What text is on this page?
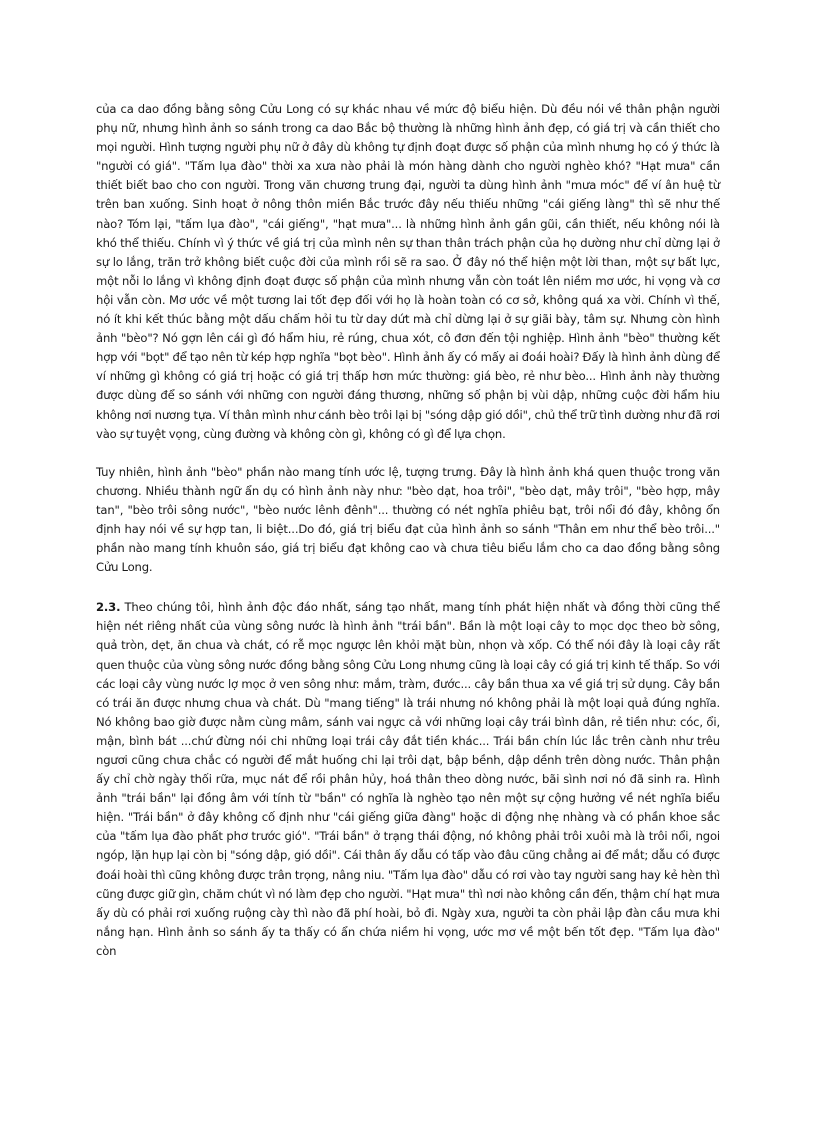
của ca dao đồng bằng sông Cửu Long có sự khác nhau về mức độ biểu hiện. Dù đều nói về thân phận người phụ nữ, nhưng hình ảnh so sánh trong ca dao Bắc bộ thường là những hình ảnh đẹp, có giá trị và cần thiết cho mọi người. Hình tượng người phụ nữ ở đây dù không tự định đoạt được số phận của mình nhưng họ có ý thức là "người có giá". "Tấm lụa đào" thời xa xưa nào phải là món hàng dành cho người nghèo khó? "Hạt mưa" cần thiết biết bao cho con người. Trong văn chương trung đại, người ta dùng hình ảnh "mưa móc" để ví ân huệ từ trên ban xuống. Sinh hoạt ở nông thôn miền Bắc trước đây nếu thiếu những "cái giếng làng" thì sẽ như thế nào? Tóm lại, "tấm lụa đào", "cái giếng", "hạt mưa"... là những hình ảnh gần gũi, cần thiết, nếu không nói là khó thể thiếu. Chính vì ý thức về giá trị của mình nên sự than thân trách phận của họ dường như chỉ dừng lại ở sự lo lắng, trăn trở không biết cuộc đời của mình rồi sẽ ra sao. Ở đây nó thể hiện một lời than, một sự bất lực, một nỗi lo lắng vì không định đoạt được số phận của mình nhưng vẫn còn toát lên niềm mơ ước, hi vọng và cơ hội vẫn còn. Mơ ước về một tương lai tốt đẹp đối với họ là hoàn toàn có cơ sở, không quá xa vời. Chính vì thế, nó ít khi kết thúc bằng một dấu chấm hỏi tu từ day dứt mà chỉ dừng lại ở sự giãi bày, tâm sự. Nhưng còn hình ảnh "bèo"? Nó gợn lên cái gì đó hẩm hiu, rẻ rúng, chua xót, cô đơn đến tội nghiệp. Hình ảnh "bèo" thường kết hợp với "bọt" để tạo nên từ kép hợp nghĩa "bọt bèo". Hình ảnh ấy có mấy ai đoái hoài? Đấy là hình ảnh dùng để ví những gì không có giá trị hoặc có giá trị thấp hơn mức thường: giá bèo, rẻ như bèo... Hình ảnh này thường được dùng để so sánh với những con người đáng thương, những số phận bị vùi dập, những cuộc đời hẩm hiu không nơi nương tựa. Ví thân mình như cánh bèo trôi lại bị "sóng dập gió dồi", chủ thể trữ tình dường như đã rơi vào sự tuyệt vọng, cùng đường và không còn gì, không có gì để lựa chọn.

Tuy nhiên, hình ảnh "bèo" phần nào mang tính ước lệ, tượng trưng. Đây là hình ảnh khá quen thuộc trong văn chương. Nhiều thành ngữ ẩn dụ có hình ảnh này như: "bèo dạt, hoa trôi", "bèo dạt, mây trôi", "bèo hợp, mây tan", "bèo trôi sông nước", "bèo nước lênh đênh"... thường có nét nghĩa phiêu bạt, trôi nổi đó đây, không ổn định hay nói về sự hợp tan, li biệt...Do đó, giá trị biểu đạt của hình ảnh so sánh "Thân em như thể bèo trôi..." phần nào mang tính khuôn sáo, giá trị biểu đạt không cao và chưa tiêu biểu lắm cho ca dao đồng bằng sông Cửu Long.

2.3. Theo chúng tôi, hình ảnh độc đáo nhất, sáng tạo nhất, mang tính phát hiện nhất và đồng thời cũng thể hiện nét riêng nhất của vùng sông nước là hình ảnh "trái bần". Bần là một loại cây to mọc dọc theo bờ sông, quả tròn, dẹt, ăn chua và chát, có rễ mọc ngược lên khỏi mặt bùn, nhọn và xốp. Có thể nói đây là loại cây rất quen thuộc của vùng sông nước đồng bằng sông Cửu Long nhưng cũng là loại cây có giá trị kinh tế thấp. So với các loại cây vùng nước lợ mọc ở ven sông như: mắm, tràm, đước... cây bần thua xa về giá trị sử dụng. Cây bần có trái ăn được nhưng chua và chát. Dù "mang tiếng" là trái nhưng nó không phải là một loại quả đúng nghĩa. Nó không bao giờ được nằm cùng mâm, sánh vai ngực cả với những loại cây trái bình dân, rẻ tiền như: cóc, ổi, mận, bình bát ...chứ đừng nói chi những loại trái cây đắt tiền khác... Trái bần chín lúc lắc trên cành như trêu ngươi cũng chưa chắc có người để mắt huống chi lại trôi dạt, bập bềnh, dập dềnh trên dòng nước. Thân phận ấy chỉ chờ ngày thối rữa, mục nát để rồi phân hủy, hoá thân theo dòng nước, bãi sình nơi nó đã sinh ra. Hình ảnh "trái bần" lại đồng âm với tính từ "bần" có nghĩa là nghèo tạo nên một sự cộng hưởng về nét nghĩa biểu hiện. "Trái bần" ở đây không cố định như "cái giếng giữa đàng" hoặc di động nhẹ nhàng và có phần khoe sắc của "tấm lụa đào phất phơ trước gió". "Trái bần" ở trạng thái động, nó không phải trôi xuôi mà là trôi nổi, ngoi ngóp, lặn hụp lại còn bị "sóng dập, gió dồi". Cái thân ấy dẫu có tấp vào đâu cũng chẳng ai để mắt; dẫu có được đoái hoài thì cũng không được trân trọng, nâng niu. "Tấm lụa đào" dẫu có rơi vào tay người sang hay kẻ hèn thì cũng được giữ gìn, chăm chút vì nó làm đẹp cho người. "Hạt mưa" thì nơi nào không cần đến, thậm chí hạt mưa ấy dù có phải rơi xuống ruộng cày thì nào đã phí hoài, bỏ đi. Ngày xưa, người ta còn phải lập đàn cầu mưa khi nắng hạn. Hình ảnh so sánh ấy ta thấy có ẩn chứa niềm hi vọng, ước mơ về một bến tốt đẹp. "Tấm lụa đào" còn
